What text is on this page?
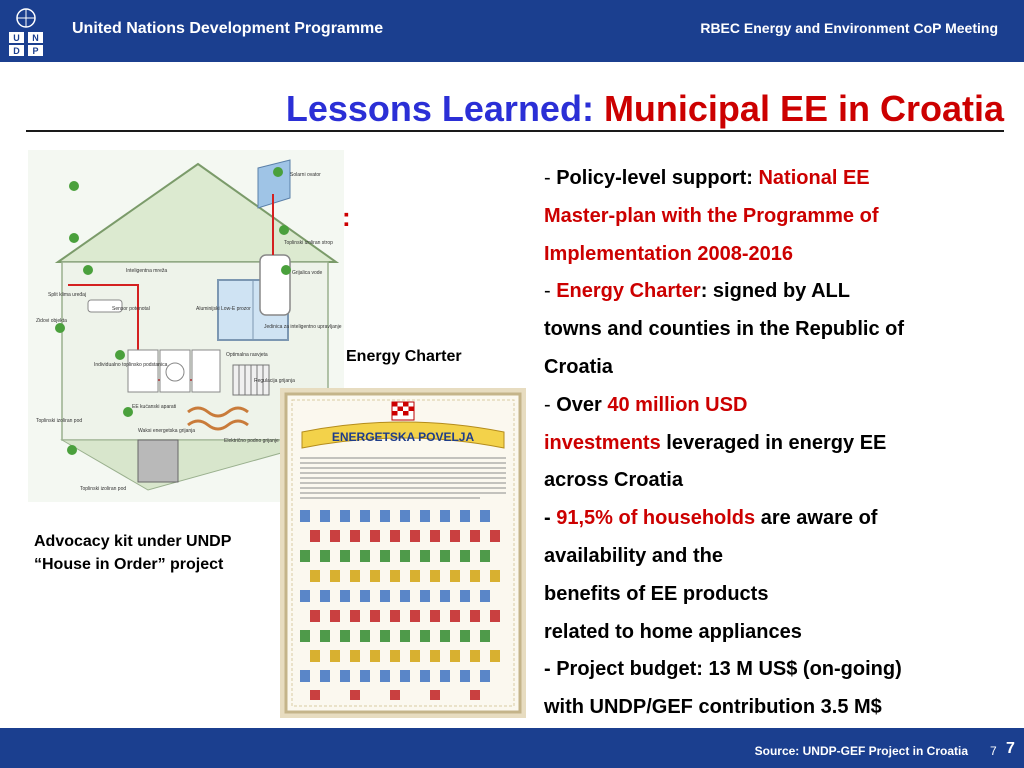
U N
D P
United Nations Development Programme	RBEC Energy and Environment CoP Meeting
Lessons Learned: Municipal EE in Croatia
Solarni ovator
Toplinski izoliran strop
Grijalica vode
Inteligentna mreža
Split klima uređaj
Zidovi objekta
Sensor potenotal	Aluminijski Low-E prozor
Jedinica za inteligentno upravljanje
Individualno toplinsko podstanica
Optimalna rasvjeta
Regulacija grijanja
EE kućanski aparati
Waksi energetska grijanja
Električno podno grijanje
Toplinski izoliran pod
Toplinski izoliran pod
:
Energy Charter
Advocacy kit under UNDP
“House in Order” project
ENERGETSKA POVELJA
- Policy-level support: National EE
Master-plan with the Programme of
Implementation 2008-2016
- Energy Charter: signed by ALL
towns and counties in the Republic of
Croatia
- Over 40 million USD
investments leveraged in energy EE
across Croatia
- 91,5% of households are aware of
availability and the
benefits of EE products
related to home appliances
- Project budget: 13 M US$ (on-going)
with UNDP/GEF contribution 3.5 M$
Source: UNDP-GEF Project in Croatia 7 7
